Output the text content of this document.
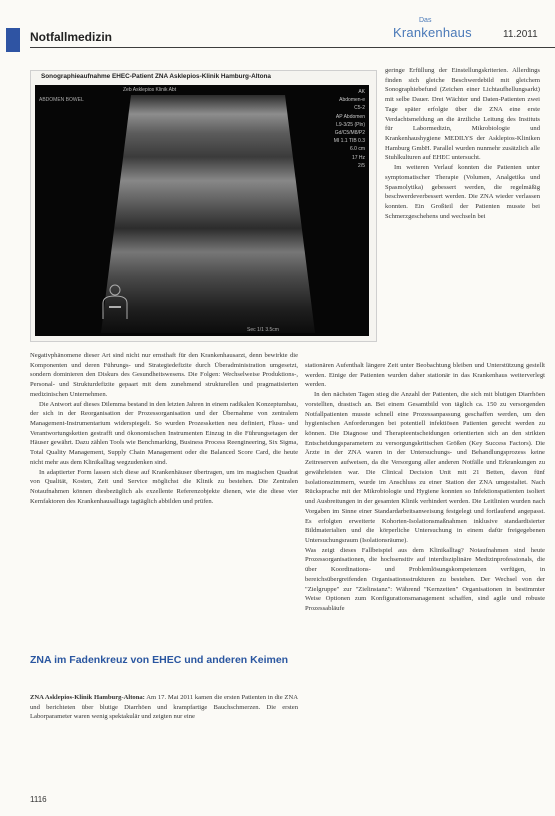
Notfallmedizin
Das
Krankenhaus	11.2011
Sonographieaufnahme EHEC-Patient ZNA Asklepios-Klinik Hamburg-Altona
Zeb Asklepios Klinik Abt
ABDOMEN BOWEL
AK
Abdomen-e
C5-2
AP Abdomen
L9-3/25 (Pln)
Gd/C5/M8/P2
MI 1.1 TIB 0.3
6.0 cm
17 Hz
2/5
Sec 1/1 3.5cm

geringe Erfüllung der Einstellungskriterien. Allerdings finden sich gleiche Beschwerdebild mit gleichem Sonographiebefund (Zeichen einer Lichtaufhellungsarkt) mit selbe Dauer. Drei Wächter und Daten-Patienten zwei Tage später erfolgte über die ZNA eine erste Verdachtsmeldung an die ärztliche Leitung des Instituts für Labormedizin, Mikrobiologie und Krankenhaushygiene MEDILYS der Asklepios-Kliniken Hamburg GmbH. Parallel wurden nunmehr zusätzlich alle Stuhlkulturen auf EHEC untersucht.

Im weiteren Verlauf konnten die Patienten unter symptomatischer Therapie (Volumen, Analgetika und Spasmolytika) gebessert werden, die regelmäßig beschwerdeverbessert werden. Die ZNA wieder verlassen konnten. Ein Großteil der Patienten musste bei Schmerzgeschehens und wechseln bei

Negativphänomene dieser Art sind nicht nur ernsthaft für den Krankenhausarzt, denn bewirkte die Komponenten und deren Führungs- und Strategiedefizite durch Überadministration umgesetzt, sondern dominieren den Diskurs des Gesundheitswesens. Die Folgen: Wechselweise Produktions-, Personal- und Strukturdefizite gepaart mit dem zunehmend strukturellen und pragmatisierten medizinischen Unternehmen.

Die Antwort auf dieses Dilemma bestand in den letzten Jahren in einem radikalen Konzeptumbau, der sich in der Reorganisation der Prozessorganisation und der Übernahme von zentralem Management-Instrumentarium widerspiegelt. So wurden Prozessketten neu definiert, Fluss- und Verantwortungsketten gestrafft und ökonomischen Instrumenten Einzug in die Führungsetagen der Häuser gewährt. Dazu zählen Tools wie Benchmarking, Business Process Reengineering, Six Sigma, Total Quality Management, Supply Chain Management oder die Balanced Score Card, die heute nicht mehr aus dem Klinikalltag wegzudenken sind.

In adaptierter Form lassen sich diese auf Krankenhäuser übertragen, um im magischen Quadrat von Qualität, Kosten, Zeit und Service möglichst die Klinik zu bestehen. Die Zentralen Notaufnahmen können diesbezüglich als exzellente Referenzobjekte dienen, wie die diese vier Kernfaktoren des Krankenhausalltags tagtäglich abbilden und prüfen.

ZNA im Fadenkreuz von EHEC und anderen Keimen

ZNA Asklepios-Klinik Hamburg-Altona: Am 17. Mai 2011 kamen die ersten Patienten in die ZNA und berichteten über blutige Diarrhöen und krampfartige Bauchschmerzen. Die ersten Laborparameter waren wenig spektakulär und zeigten nur eine

stationären Aufenthalt längere Zeit unter Beobachtung bleiben und Unterstützung gestellt werden. Einige der Patienten wurden daher stationär in das Krankenhaus weiterverlegt werden.

In den nächsten Tagen stieg die Anzahl der Patienten, die sich mit blutigen Diarrhöen vorstellten, drastisch an. Bei einem Gesamtbild von täglich ca. 150 zu versorgenden Notfallpatienten musste schnell eine Prozessanpassung geschaffen werden, um den hygienischen Anforderungen bei potentiell infektiösen Patienten gerecht werden zu können. Die Diagnose und Therapieentscheidungen orientierten sich an den strikten Entscheidungsparametern zu versorgungskritischen Größen (Key Success Factors). Die Ärzte in der ZNA waren in der Untersuchungs- und Behandlungsprozess keine Zeitreserven aufweisen, da die Versorgung aller anderen Notfälle und Erkrankungen zu gewährleisten war. Die Clinical Decision Unit mit 21 Betten, davon fünf Isolationszimmern, wurde im Anschluss zu einer Station der ZNA umgestaltet. Nach Rücksprache mit der Mikrobiologie und Hygiene konnten so Infektionspatienten isoliert und Ausbreitungen in der gesamten Klinik verhindert werden. Die Leitlinien wurden nach Vorgaben im Sinne einer Standardarbeitsanweisung festgelegt und fortlaufend angepasst. Es erfolgten erweiterte Kohorten-Isolationsmaßnahmen inklusive standardisierter Bildmaterialien und die körperliche Untersuchung in einem dafür freigegebenen Untersuchungsraum (Isolationsräume).

Was zeigt dieses Fallbeispiel aus dem Klinikalltag? Notaufnahmen sind heute Prozessorganisationen, die hochsensitiv auf interdisziplinäre Medizinprofessionals, die über Koordinations- und Problemlösungskompetenzen verfügen, in bereichsübergreifenden Organisationsstrukturen zu bestehen. Der Wechsel von der "Zielgruppe" zur "Zielinstanz": Während "Kernzeiten" Organisationen in bestimmter Weise Optionen zum Konfigurationsmanagement schaffen, sind agile und robuste Prozessabläufe

1116
